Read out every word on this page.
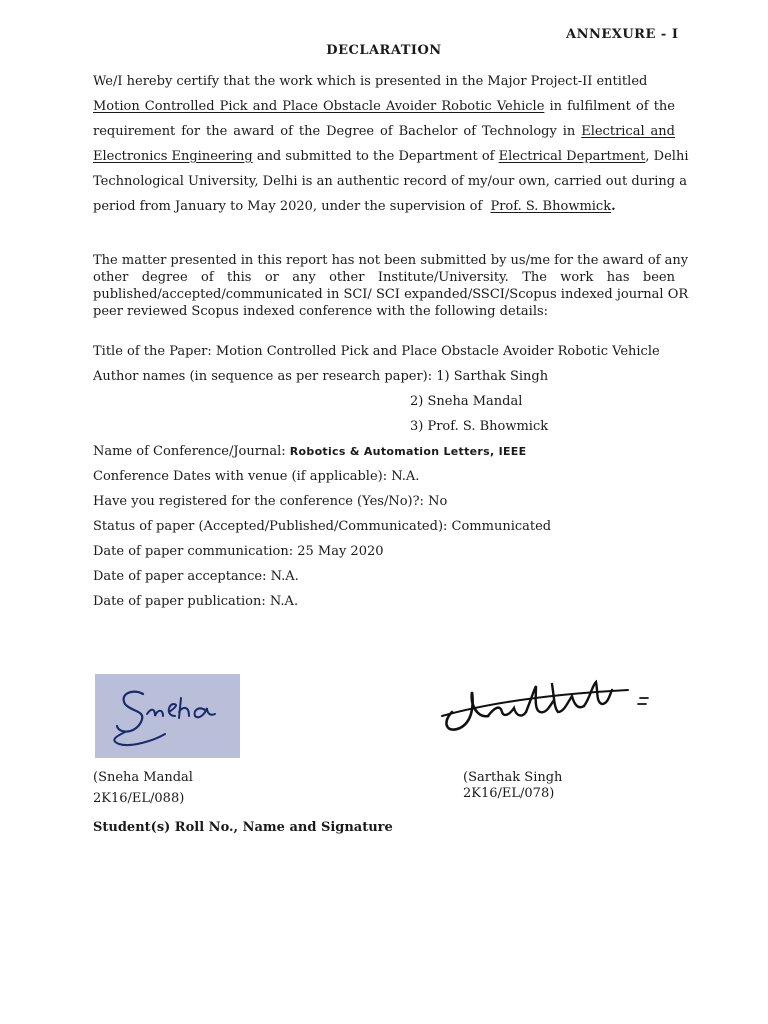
ANNEXURE - I
DECLARATION
We/I hereby certify that the work which is presented in the Major Project-II entitled
Motion Controlled Pick and Place Obstacle Avoider Robotic Vehicle in fulfilment of the
requirement for the award of the Degree of Bachelor of Technology in Electrical and
Electronics Engineering and submitted to the Department of Electrical Department, Delhi
Technological University, Delhi is an authentic record of my/our own, carried out during a
period from January to May 2020, under the supervision of Prof. S. Bhowmick.
The matter presented in this report has not been submitted by us/me for the award of any
other degree of this or any other Institute/University. The work has been
published/accepted/communicated in SCI/ SCI expanded/SSCI/Scopus indexed journal OR
peer reviewed Scopus indexed conference with the following details:
Title of the Paper: Motion Controlled Pick and Place Obstacle Avoider Robotic Vehicle
Author names (in sequence as per research paper): 1) Sarthak Singh
2) Sneha Mandal
3) Prof. S. Bhowmick
Name of Conference/Journal: Robotics & Automation Letters, IEEE
Conference Dates with venue (if applicable): N.A.
Have you registered for the conference (Yes/No)?: No
Status of paper (Accepted/Published/Communicated): Communicated
Date of paper communication: 25 May 2020
Date of paper acceptance: N.A.
Date of paper publication: N.A.
(Sneha Mandal
2K16/EL/088)
(Sarthak Singh
2K16/EL/078)
Student(s) Roll No., Name and Signature
